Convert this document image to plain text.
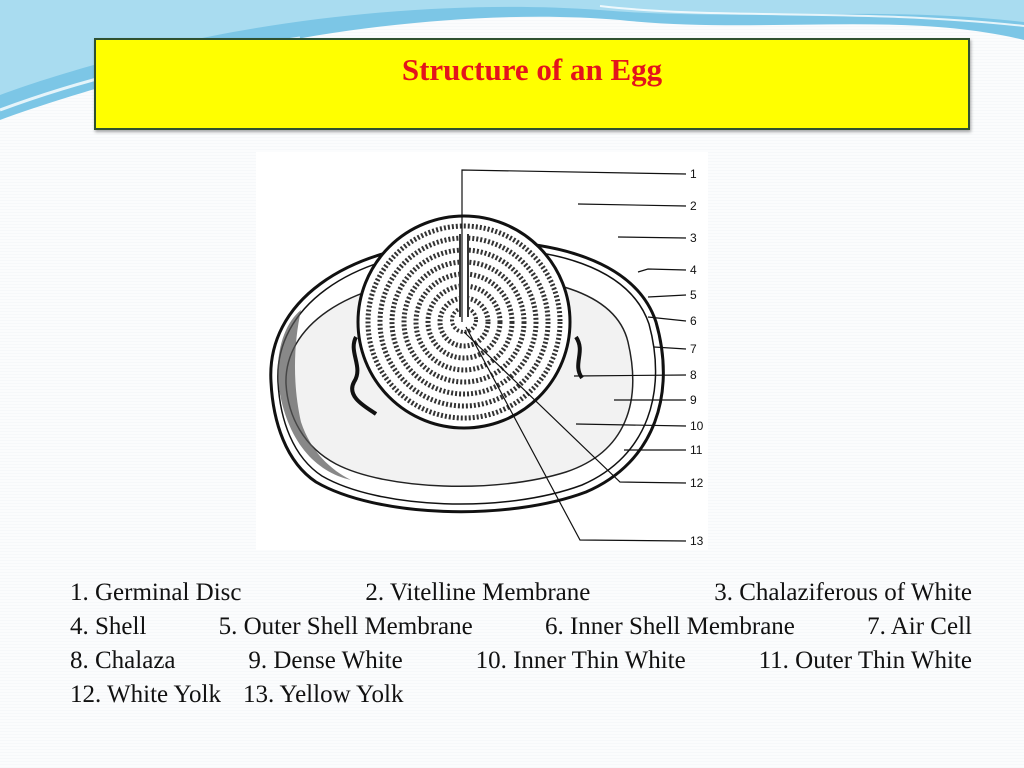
Structure of an Egg
1
2
3
4
5
6
7
8
9
10
11
12
13
1. Germinal Disc	2. Vitelline Membrane	3. Chalaziferous of White
4. Shell	5. Outer Shell Membrane	6. Inner Shell Membrane	7. Air Cell
8. Chalaza	9. Dense White	10. Inner Thin White	11. Outer Thin White
12. White Yolk 13. Yellow Yolk
